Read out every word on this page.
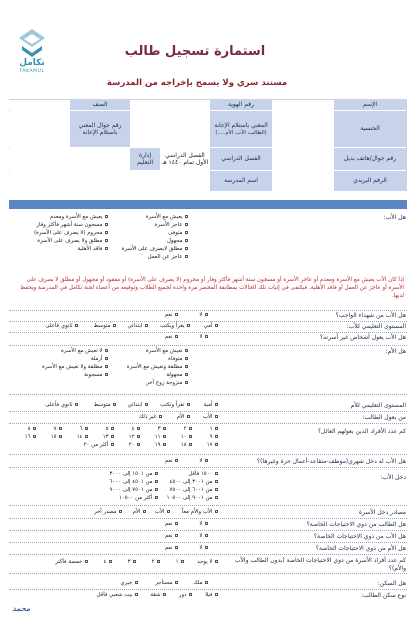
تكامل
TAKAMUL
استمارة تسجيل طالب
مستند سري ولا يسمح بإخراجه من المدرسة
الإسم
رقم الهوية
الصف
الجنسية
المعني باستلام الإعانة
(الطالب، الأب، الأم.....)
رقم جوال المعني باستلام الإعانة
رقم جوال/هاتف بديل
الفصل الدراسي
الفصل الدراسي الأول تمام ١٤٤٠ هـ
إدارة التعليم
الرقم البريدي
اسم المدرسة
هل الأب:
يعيش مع الأسرة
يعيش مع الأسرة ومعدم
عاجز الأسرة
مسجون سنة أشهر فأكثر وفار
متوفى
محروم (لا يصرف على الأسرة)
مجهول
مطلق ولا يصرف على الأسرة
مطلق لايصرف على الأسرة
فاقد الأهلية
عاجز عن العمل
إذا كان الأب يعيش مع الأسرة ومعدم أو عاجز الأسرة أو مسجون ستة أشهر فأكثر وفار أو محروم (لا يصرف على الأسرة) أو مفقود أو مجهول أو مطلق لا يصرف على الأسرة أو عاجز عن العمل أو فاقد الأهلية، فيكتفى في إثبات تلك الحالات بمطابقة المحضر مرة واحدة لجميع الطلاب وتوقيعه من أعضاء لجنة تكامل في المدرسة ويحفظ لديها.
هل الأب من شهداء الواجب؟
لا
نعم
المستوى التعليمي للأب:
أمي
يقرأ ويكتب
ابتدائي
متوسط
ثانوي فأعلى
هل الأب يعول أشخاص غير أسرته؟
لا
نعم
هل الأم:
تعيش مع الأسرة
لا تعيش مع الأسرة
متوفاة
أرملة
مطلقة وتعيش مع الأسرة
مطلقة ولا تعيش مع الأسرة
مجهولة
مسجونة
متزوجة زوج آخر
المستوى التعليمي للأم
أمية
تقرأ وتكتب
ابتدائي
متوسط
ثانوي فأعلى
من يعول الطالب:
الأب
الأم
غير ذلك
كم عدد الأفراد الذين يعولهم العائل؟
١
٢
٣
٤
٥
٦
٧
٨
٩
١٠
١١
١٢
١٣
١٤
١٥
١٦
١٧
١٨
١٩
٢٠
أكثر من ٢٠
هل الأب له دخل شهري(موظف-متقاعد-أعمال حرة وغيرها)؟
لا
نعم
دخل الأب:
١٥٠٠ فأقل
من ١٥٠١ إلى ٣٠٠٠
من ٣٠٠١ إلى ٤٥٠٠
من ٤٥٠١ إلى ٦٠٠٠
من ٦٠٠١ إلى ٧٥٠٠
من ٧٥٠١ إلى ٩٠٠٠
من ٩٠٠١ إلى ١٠٥٠٠
أكثر من ١٠٥٠٠
مصادر دخل الأسرة
الأب والأم معاً
الأب
الأم
مصدر آخر
هل الطالب من ذوي الاحتياجات الخاصة؟
لا
نعم
هل الأب من ذوي الاحتياجات الخاصة؟
لا
نعم
هل الأم من ذوي الاحتياجات الخاصة؟
لا
نعم
كم عدد أفراد الأسرة من ذوي الاحتياجات الخاصة (بدون الطالب والأب والأم)؟
لا يوجد
١
٢
٣
٤
خمسة فأكثر
هل السكن:
ملك
مستأجر
خيري
نوع سكن الطالب:
فيلا
دور
شقة
بيت شعبي فأقل
محمد
